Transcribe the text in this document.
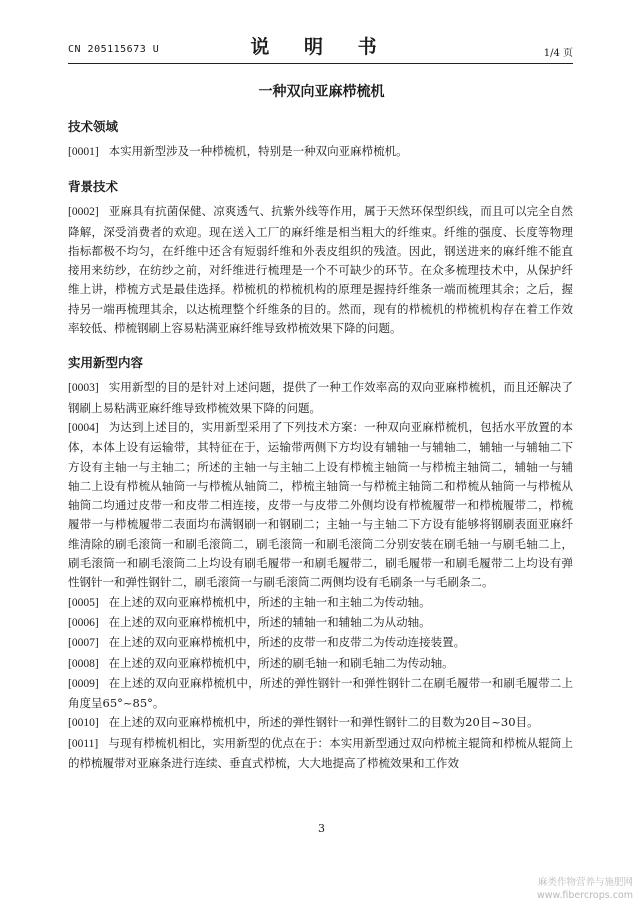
CN 205115673 U	说 明 书	1/4 页
一种双向亚麻栉梳机
技术领域

[0001] 本实用新型涉及一种栉梳机，特别是一种双向亚麻栉梳机。

背景技术

[0002] 亚麻具有抗菌保健、凉爽透气、抗紫外线等作用，属于天然环保型织线，而且可以完全自然降解，深受消费者的欢迎。现在送入工厂的麻纤维是相当粗大的纤维束。纤维的强度、长度等物理指标都极不均匀，在纤维中还含有短弱纤维和外表皮组织的残渣。因此，钢送进来的麻纤维不能直接用来纺纱，在纺纱之前，对纤维进行梳理是一个不可缺少的环节。在众多梳理技术中，从保护纤维上讲，栉梳方式是最佳选择。栉梳机的栉梳机构的原理是握持纤维条一端而梳理其余；之后，握持另一端再梳理其余，以达梳理整个纤维条的目的。然而，现有的栉梳机的栉梳机构存在着工作效率较低、栉梳钢刷上容易粘满亚麻纤维导致栉梳效果下降的问题。

实用新型内容

[0003] 实用新型的目的是针对上述问题，提供了一种工作效率高的双向亚麻栉梳机，而且还解决了钢刷上易粘满亚麻纤维导致栉梳效果下降的问题。

[0004] 为达到上述目的，实用新型采用了下列技术方案：一种双向亚麻栉梳机，包括水平放置的本体，本体上设有运输带，其特征在于，运输带两侧下方均设有辅轴一与辅轴二，辅轴一与辅轴二下方设有主轴一与主轴二；所述的主轴一与主轴二上设有栉梳主轴筒一与栉梳主轴筒二，辅轴一与辅轴二上设有栉梳从轴筒一与栉梳从轴筒二，栉梳主轴筒一与栉梳主轴筒二和栉梳从轴筒一与栉梳从轴筒二均通过皮带一和皮带二相连接，皮带一与皮带二外侧均设有栉梳履带一和栉梳履带二，栉梳履带一与栉梳履带二表面均布满钢刷一和钢刷二；主轴一与主轴二下方设有能够将钢刷表面亚麻纤维清除的刷毛滚筒一和刷毛滚筒二，刷毛滚筒一和刷毛滚筒二分别安装在刷毛轴一与刷毛轴二上，刷毛滚筒一和刷毛滚筒二上均设有刷毛履带一和刷毛履带二，刷毛履带一和刷毛履带二上均设有弹性钢针一和弹性钢针二，刷毛滚筒一与刷毛滚筒二两侧均设有毛刷条一与毛刷条二。

[0005] 在上述的双向亚麻栉梳机中，所述的主轴一和主轴二为传动轴。

[0006] 在上述的双向亚麻栉梳机中，所述的辅轴一和辅轴二为从动轴。

[0007] 在上述的双向亚麻栉梳机中，所述的皮带一和皮带二为传动连接装置。

[0008] 在上述的双向亚麻栉梳机中，所述的刷毛轴一和刷毛轴二为传动轴。

[0009] 在上述的双向亚麻栉梳机中，所述的弹性钢针一和弹性钢针二在刷毛履带一和刷毛履带二上角度呈65°~85°。

[0010] 在上述的双向亚麻栉梳机中，所述的弹性钢针一和弹性钢针二的目数为20目~30目。

[0011] 与现有栉梳机相比，实用新型的优点在于：本实用新型通过双向栉梳主辊筒和栉梳从辊筒上的栉梳履带对亚麻条进行连续、垂直式栉梳，大大地提高了栉梳效果和工作效

3
麻类作物营养与施肥网
www.fibercrops.com
